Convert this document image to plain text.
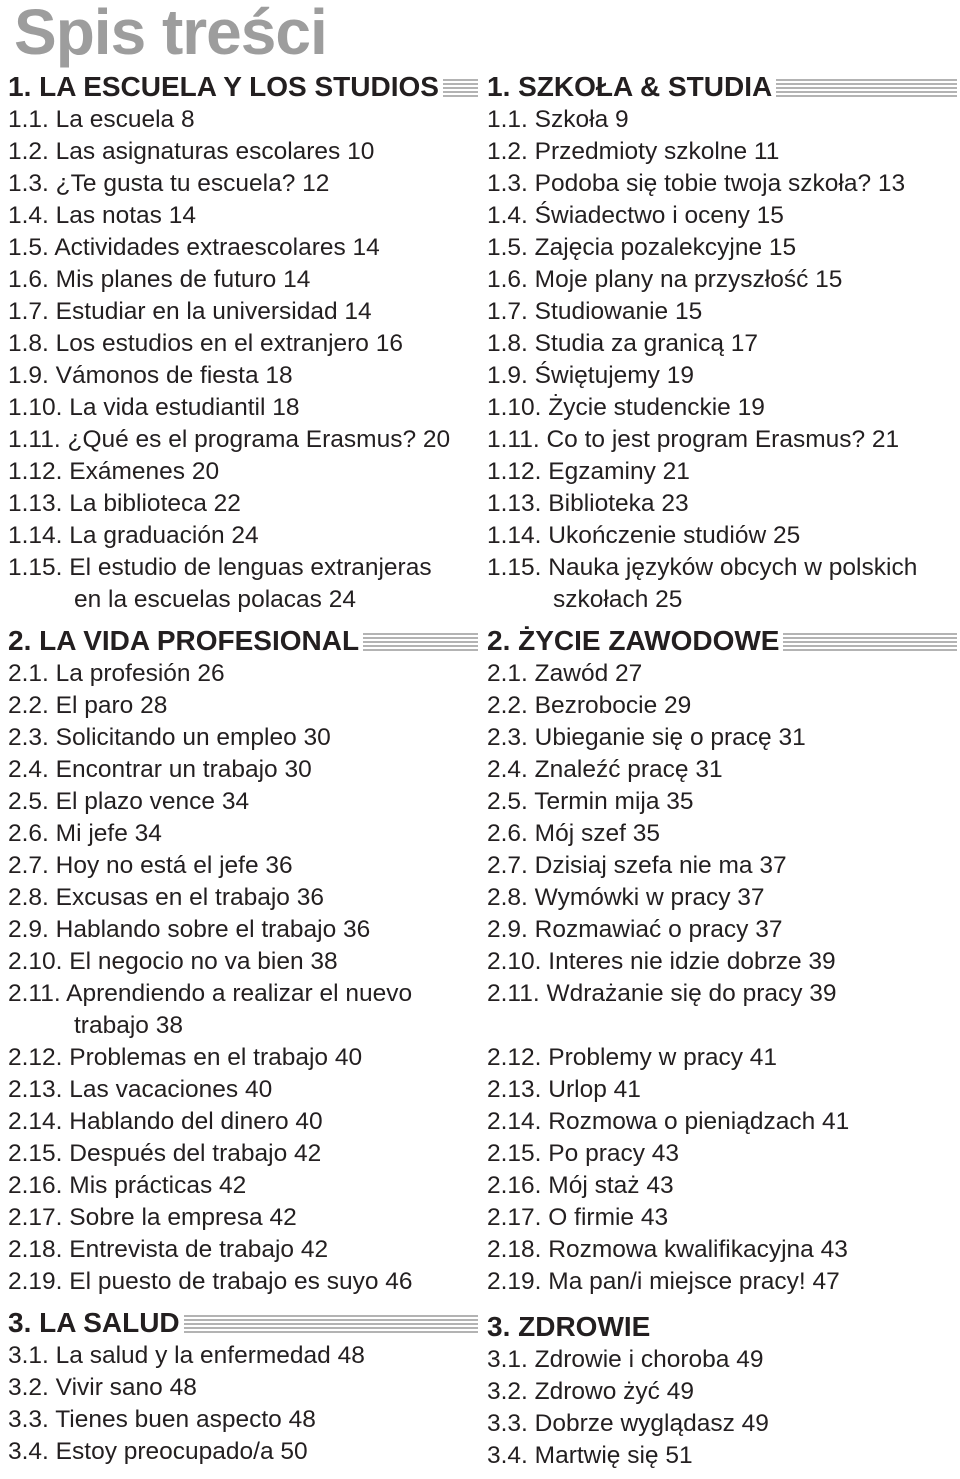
Spis treści
1. LA ESCUELA Y LOS STUDIOS
1.1. La escuela 8
1.2. Las asignaturas escolares 10
1.3. ¿Te gusta tu escuela? 12
1.4. Las notas 14
1.5. Actividades extraescolares 14
1.6. Mis planes de futuro 14
1.7. Estudiar en la universidad 14
1.8. Los estudios en el extranjero 16
1.9. Vámonos de fiesta 18
1.10. La vida estudiantil 18
1.11. ¿Qué es el programa Erasmus? 20
1.12. Exámenes 20
1.13. La biblioteca 22
1.14. La graduación 24
1.15. El estudio de lenguas extranjeras
en la escuelas polacas 24
2. LA VIDA PROFESIONAL
2.1. La profesión 26
2.2. El paro 28
2.3. Solicitando un empleo 30
2.4. Encontrar un trabajo 30
2.5. El plazo vence 34
2.6. Mi jefe 34
2.7. Hoy no está el jefe 36
2.8. Excusas en el trabajo 36
2.9. Hablando sobre el trabajo 36
2.10. El negocio no va bien 38
2.11. Aprendiendo a realizar el nuevo
trabajo 38
2.12. Problemas en el trabajo 40
2.13. Las vacaciones 40
2.14. Hablando del dinero 40
2.15. Después del trabajo 42
2.16. Mis prácticas 42
2.17. Sobre la empresa 42
2.18. Entrevista de trabajo 42
2.19. El puesto de trabajo es suyo 46
3. LA SALUD
3.1. La salud y la enfermedad 48
3.2. Vivir sano 48
3.3. Tienes buen aspecto 48
3.4. Estoy preocupado/a 50
1. SZKOŁA & STUDIA
1.1. Szkoła 9
1.2. Przedmioty szkolne 11
1.3. Podoba się tobie twoja szkoła? 13
1.4. Świadectwo i oceny 15
1.5. Zajęcia pozalekcyjne 15
1.6. Moje plany na przyszłość 15
1.7. Studiowanie 15
1.8. Studia za granicą 17
1.9. Świętujemy 19
1.10. Życie studenckie 19
1.11. Co to jest program Erasmus? 21
1.12. Egzaminy 21
1.13. Biblioteka 23
1.14. Ukończenie studiów 25
1.15. Nauka języków obcych w polskich
szkołach 25
2. ŻYCIE ZAWODOWE
2.1. Zawód 27
2.2. Bezrobocie 29
2.3. Ubieganie się o pracę 31
2.4. Znaleźć pracę 31
2.5. Termin mija 35
2.6. Mój szef 35
2.7. Dzisiaj szefa nie ma 37
2.8. Wymówki w pracy 37
2.9. Rozmawiać o pracy 37
2.10. Interes nie idzie dobrze 39
2.11. Wdrażanie się do pracy 39
2.12. Problemy w pracy 41
2.13. Urlop 41
2.14. Rozmowa o pieniądzach 41
2.15. Po pracy 43
2.16. Mój staż 43
2.17. O firmie 43
2.18. Rozmowa kwalifikacyjna 43
2.19. Ma pan/i miejsce pracy! 47
3. ZDROWIE
3.1. Zdrowie i choroba 49
3.2. Zdrowo żyć 49
3.3. Dobrze wyglądasz 49
3.4. Martwię się 51
